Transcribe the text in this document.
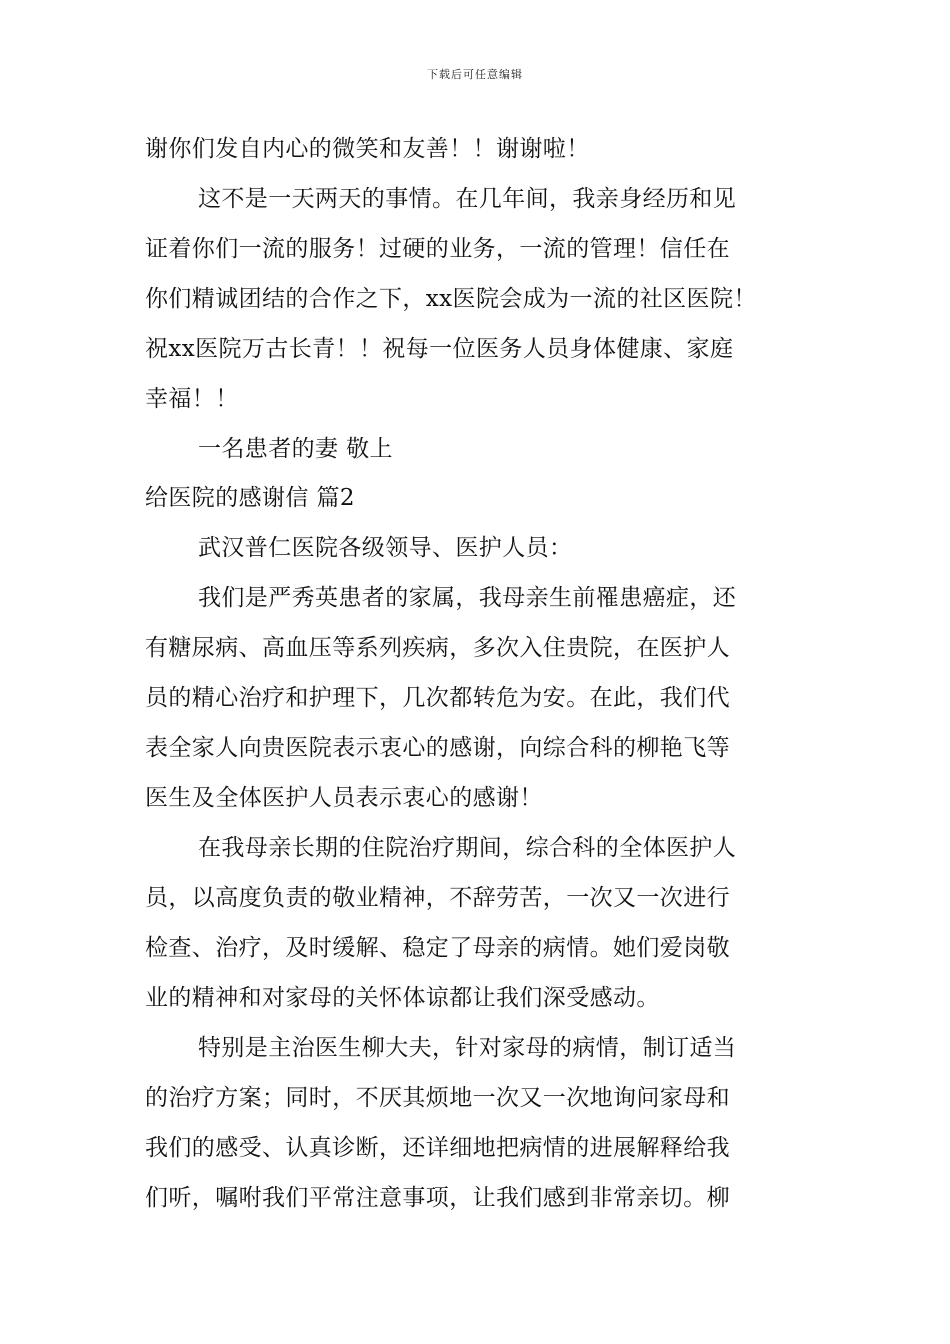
下载后可任意编辑
谢你们发自内心的微笑和友善！！谢谢啦！
这不是一天两天的事情。在几年间，我亲身经历和见
证着你们一流的服务！过硬的业务，一流的管理！信任在
你们精诚团结的合作之下，xx医院会成为一流的社区医院！
祝xx医院万古长青！！祝每一位医务人员身体健康、家庭
幸福！！
一名患者的妻 敬上
给医院的感谢信 篇2
武汉普仁医院各级领导、医护人员：
我们是严秀英患者的家属，我母亲生前罹患癌症，还
有糖尿病、高血压等系列疾病，多次入住贵院，在医护人
员的精心治疗和护理下，几次都转危为安。在此，我们代
表全家人向贵医院表示衷心的感谢，向综合科的柳艳飞等
医生及全体医护人员表示衷心的感谢！
在我母亲长期的住院治疗期间，综合科的全体医护人
员，以高度负责的敬业精神，不辞劳苦，一次又一次进行
检查、治疗，及时缓解、稳定了母亲的病情。她们爱岗敬
业的精神和对家母的关怀体谅都让我们深受感动。
特别是主治医生柳大夫，针对家母的病情，制订适当
的治疗方案；同时，不厌其烦地一次又一次地询问家母和
我们的感受、认真诊断，还详细地把病情的进展解释给我
们听，嘱咐我们平常注意事项，让我们感到非常亲切。柳
